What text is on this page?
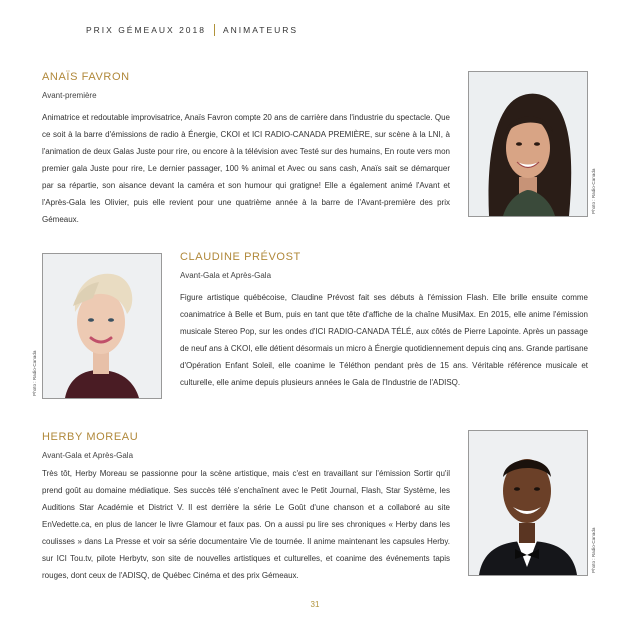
PRIX GÉMEAUX 2018 ANIMATEURS
ANAÏS FAVRON
Avant-première

Animatrice et redoutable improvisatrice, Anaïs Favron compte 20 ans de carrière dans l'industrie du spectacle. Que ce soit à la barre d'émissions de radio à Énergie, CKOI et ICI RADIO-CANADA PREMIÈRE, sur scène à la LNI, à l'animation de deux Galas Juste pour rire, ou encore à la télévision avec Testé sur des humains, En route vers mon premier gala Juste pour rire, Le dernier passager, 100 % animal et Avec ou sans cash, Anaïs sait se démarquer par sa répartie, son aisance devant la caméra et son humour qui gratigne! Elle a également animé l'Avant et l'Après-Gala les Olivier, puis elle revient pour une quatrième année à la barre de l'Avant-première des prix Gémeaux.

Photo : Radio-Canada
Photo : Radio-Canada
CLAUDINE PRÉVOST
Avant-Gala et Après-Gala

Figure artistique québécoise, Claudine Prévost fait ses débuts à l'émission Flash. Elle brille ensuite comme coanimatrice à Belle et Bum, puis en tant que tête d'affiche de la chaîne MusiMax. En 2015, elle anime l'émission musicale Stereo Pop, sur les ondes d'ICI RADIO-CANADA TÉLÉ, aux côtés de Pierre Lapointe. Après un passage de neuf ans à CKOI, elle détient désormais un micro à Énergie quotidiennement depuis cinq ans. Grande partisane d'Opération Enfant Soleil, elle coanime le Téléthon pendant près de 15 ans. Véritable référence musicale et culturelle, elle anime depuis plusieurs années le Gala de l'Industrie de l'ADISQ.

HERBY MOREAU
Avant-Gala et Après-Gala

Très tôt, Herby Moreau se passionne pour la scène artistique, mais c'est en travaillant sur l'émission Sortir qu'il prend goût au domaine médiatique. Ses succès télé s'enchaînent avec le Petit Journal, Flash, Star Système, les Auditions Star Académie et District V. Il est derrière la série Le Goût d'une chanson et a collaboré au site EnVedette.ca, en plus de lancer le livre Glamour et faux pas. On a aussi pu lire ses chroniques « Herby dans les coulisses » dans La Presse et voir sa série documentaire Vie de tournée. Il anime maintenant les capsules Herby. sur ICI Tou.tv, pilote Herbytv, son site de nouvelles artistiques et culturelles, et coanime des événements tapis rouges, dont ceux de l'ADISQ, de Québec Cinéma et des prix Gémeaux.

Photo : Radio-Canada
31
